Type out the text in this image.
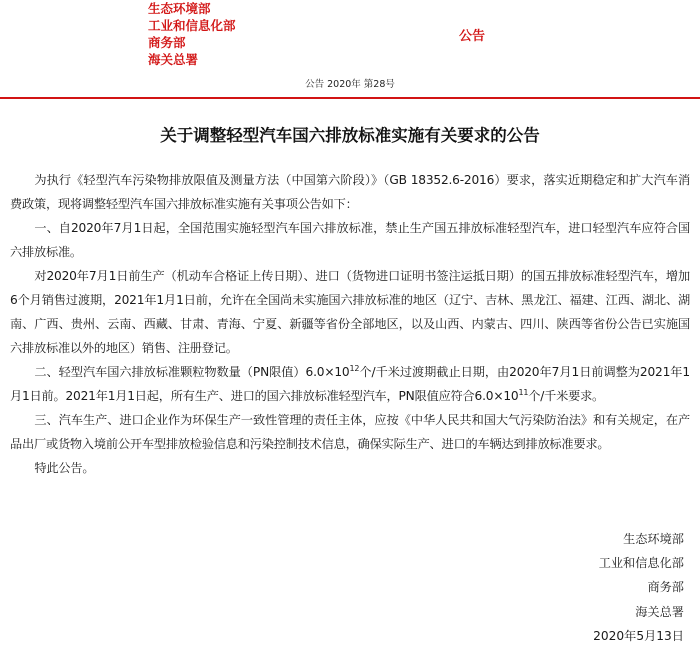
生态环境部
工业和信息化部
商务部
海关总署
公告
公告 2020年 第28号
关于调整轻型汽车国六排放标准实施有关要求的公告

为执行《轻型汽车污染物排放限值及测量方法（中国第六阶段）》（GB 18352.6-2016）要求，落实近期稳定和扩大汽车消费政策，现将调整轻型汽车国六排放标准实施有关事项公告如下：

一、自2020年7月1日起，全国范围实施轻型汽车国六排放标准，禁止生产国五排放标准轻型汽车，进口轻型汽车应符合国六排放标准。

对2020年7月1日前生产（机动车合格证上传日期）、进口（货物进口证明书签注运抵日期）的国五排放标准轻型汽车，增加6个月销售过渡期，2021年1月1日前，允许在全国尚未实施国六排放标准的地区（辽宁、吉林、黑龙江、福建、江西、湖北、湖南、广西、贵州、云南、西藏、甘肃、青海、宁夏、新疆等省份全部地区，以及山西、内蒙古、四川、陕西等省份公告已实施国六排放标准以外的地区）销售、注册登记。

二、轻型汽车国六排放标准颗粒物数量（PN限值）$6.0\times 10^{12}$个/千米过渡期截止日期，由2020年7月1日前调整为2021年1月1日前。2021年1月1日起，所有生产、进口的国六排放标准轻型汽车，PN限值应符合$6.0\times 10^{11}$个/千米要求。

三、汽车生产、进口企业作为环保生产一致性管理的责任主体，应按《中华人民共和国大气污染防治法》和有关规定，在产品出厂或货物入境前公开车型排放检验信息和污染控制技术信息，确保实际生产、进口的车辆达到排放标准要求。

特此公告。

生态环境部
工业和信息化部
商务部
海关总署
2020年5月13日
